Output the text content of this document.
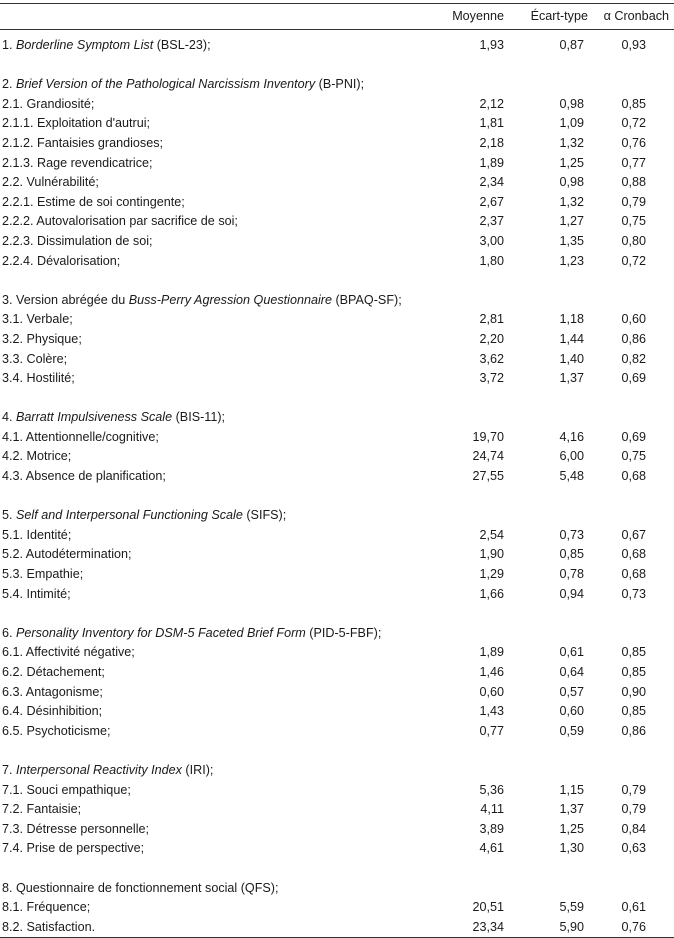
	Moyenne	Écart-type	α Cronbach
1. Borderline Symptom List (BSL-23);	1,93	0,87	0,93

2. Brief Version of the Pathological Narcissism Inventory (B-PNI);			
2.1. Grandiosité;	2,12	0,98	0,85
2.1.1. Exploitation d'autrui;	1,81	1,09	0,72
2.1.2. Fantaisies grandioses;	2,18	1,32	0,76
2.1.3. Rage revendicatrice;	1,89	1,25	0,77
2.2. Vulnérabilité;	2,34	0,98	0,88
2.2.1. Estime de soi contingente;	2,67	1,32	0,79
2.2.2. Autovalorisation par sacrifice de soi;	2,37	1,27	0,75
2.2.3. Dissimulation de soi;	3,00	1,35	0,80
2.2.4. Dévalorisation;	1,80	1,23	0,72

3. Version abrégée du Buss-Perry Agression Questionnaire (BPAQ-SF);			
3.1. Verbale;	2,81	1,18	0,60
3.2. Physique;	2,20	1,44	0,86
3.3. Colère;	3,62	1,40	0,82
3.4. Hostilité;	3,72	1,37	0,69

4. Barratt Impulsiveness Scale (BIS-11);			
4.1. Attentionnelle/cognitive;	19,70	4,16	0,69
4.2. Motrice;	24,74	6,00	0,75
4.3. Absence de planification;	27,55	5,48	0,68

5. Self and Interpersonal Functioning Scale (SIFS);			
5.1. Identité;	2,54	0,73	0,67
5.2. Autodétermination;	1,90	0,85	0,68
5.3. Empathie;	1,29	0,78	0,68
5.4. Intimité;	1,66	0,94	0,73

6. Personality Inventory for DSM-5 Faceted Brief Form (PID-5-FBF);			
6.1. Affectivité négative;	1,89	0,61	0,85
6.2. Détachement;	1,46	0,64	0,85
6.3. Antagonisme;	0,60	0,57	0,90
6.4. Désinhibition;	1,43	0,60	0,85
6.5. Psychoticisme;	0,77	0,59	0,86

7. Interpersonal Reactivity Index (IRI);			
7.1. Souci empathique;	5,36	1,15	0,79
7.2. Fantaisie;	4,11	1,37	0,79
7.3. Détresse personnelle;	3,89	1,25	0,84
7.4. Prise de perspective;	4,61	1,30	0,63

8. Questionnaire de fonctionnement social (QFS);			
8.1. Fréquence;	20,51	5,59	0,61
8.2. Satisfaction.	23,34	5,90	0,76
